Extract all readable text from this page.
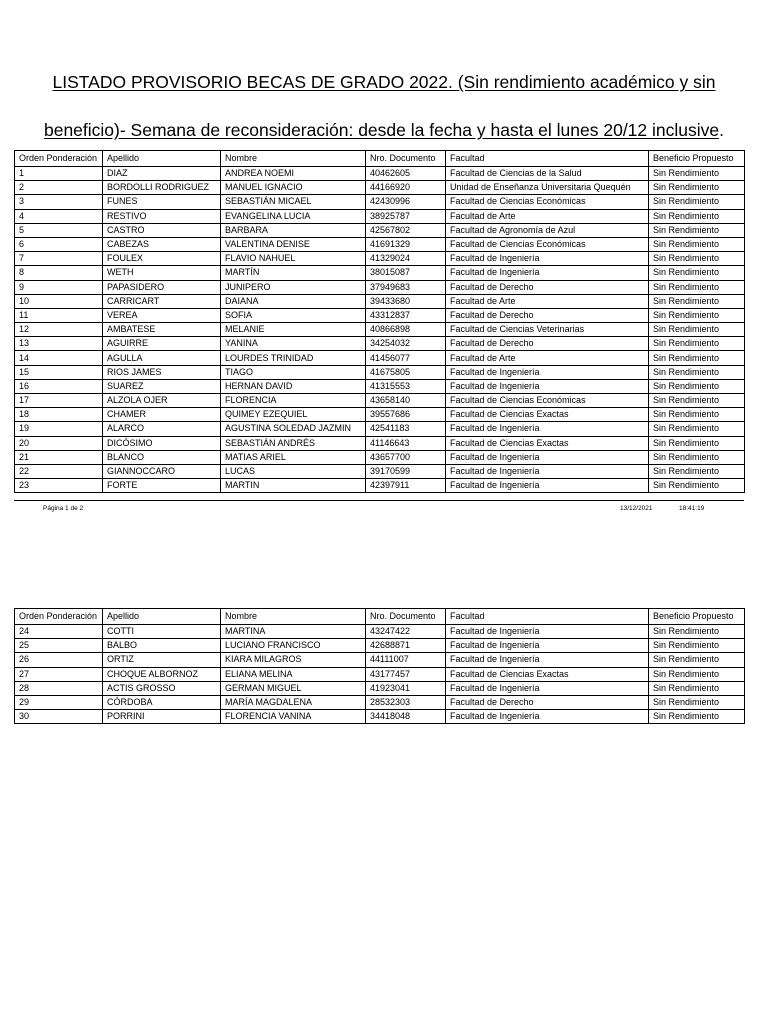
LISTADO PROVISORIO BECAS DE GRADO 2022. (Sin rendimiento académico y sin
beneficio)- Semana de reconsideración: desde la fecha y hasta el lunes 20/12 inclusive.
Orden Ponderación	Apellido	Nombre	Nro. Documento	Facultad	Beneficio Propuesto
1	DIAZ	ANDREA NOEMI	40462605	Facultad de Ciencias de la Salud	Sin Rendimiento
2	BORDOLLI RODRIGUEZ	MANUEL IGNACIO	44166920	Unidad de Enseñanza Universitaria Quequén	Sin Rendimiento
3	FUNES	SEBASTIÁN MICAEL	42430996	Facultad de Ciencias Económicas	Sin Rendimiento
4	RESTIVO	EVANGELINA LUCIA	38925787	Facultad de Arte	Sin Rendimiento
5	CASTRO	BARBARA	42567802	Facultad de Agronomía de Azul	Sin Rendimiento
6	CABEZAS	VALENTINA DENISE	41691329	Facultad de Ciencias Económicas	Sin Rendimiento
7	FOULEX	FLAVIO NAHUEL	41329024	Facultad de Ingeniería	Sin Rendimiento
8	WETH	MARTÍN	38015087	Facultad de Ingeniería	Sin Rendimiento
9	PAPASIDERO	JUNIPERO	37949683	Facultad de Derecho	Sin Rendimiento
10	CARRICART	DAIANA	39433680	Facultad de Arte	Sin Rendimiento
11	VEREA	SOFIA	43312837	Facultad de Derecho	Sin Rendimiento
12	AMBATESE	MELANIE	40866898	Facultad de Ciencias Veterinarias	Sin Rendimiento
13	AGUIRRE	YANINA	34254032	Facultad de Derecho	Sin Rendimiento
14	AGULLA	LOURDES TRINIDAD	41456077	Facultad de Arte	Sin Rendimiento
15	RIOS JAMES	TIAGO	41675805	Facultad de Ingeniería	Sin Rendimiento
16	SUAREZ	HERNAN DAVID	41315553	Facultad de Ingeniería	Sin Rendimiento
17	ALZOLA OJER	FLORENCIA	43658140	Facultad de Ciencias Económicas	Sin Rendimiento
18	CHAMER	QUIMEY EZEQUIEL	39557686	Facultad de Ciencias Exactas	Sin Rendimiento
19	ALARCO	AGUSTINA SOLEDAD JAZMIN	42541183	Facultad de Ingeniería	Sin Rendimiento
20	DICÓSIMO	SEBASTIÁN ANDRÉS	41146643	Facultad de Ciencias Exactas	Sin Rendimiento
21	BLANCO	MATIAS ARIEL	43657700	Facultad de Ingeniería	Sin Rendimiento
22	GIANNOCCARO	LUCAS	39170599	Facultad de Ingeniería	Sin Rendimiento
23	FORTE	MARTIN	42397911	Facultad de Ingeniería	Sin Rendimiento
Página 1 de 2	13/12/2021	18:41:19
Orden Ponderación	Apellido	Nombre	Nro. Documento	Facultad	Beneficio Propuesto
24	COTTI	MARTINA	43247422	Facultad de Ingeniería	Sin Rendimiento
25	BALBO	LUCIANO FRANCISCO	42688871	Facultad de Ingeniería	Sin Rendimiento
26	ORTIZ	KIARA MILAGROS	44111007	Facultad de Ingeniería	Sin Rendimiento
27	CHOQUE ALBORNOZ	ELIANA MELINA	43177457	Facultad de Ciencias Exactas	Sin Rendimiento
28	ACTIS GROSSO	GERMAN MIGUEL	41923041	Facultad de Ingeniería	Sin Rendimiento
29	CÓRDOBA	MARÍA MAGDALENA	28532303	Facultad de Derecho	Sin Rendimiento
30	PORRINI	FLORENCIA VANINA	34418048	Facultad de Ingeniería	Sin Rendimiento
